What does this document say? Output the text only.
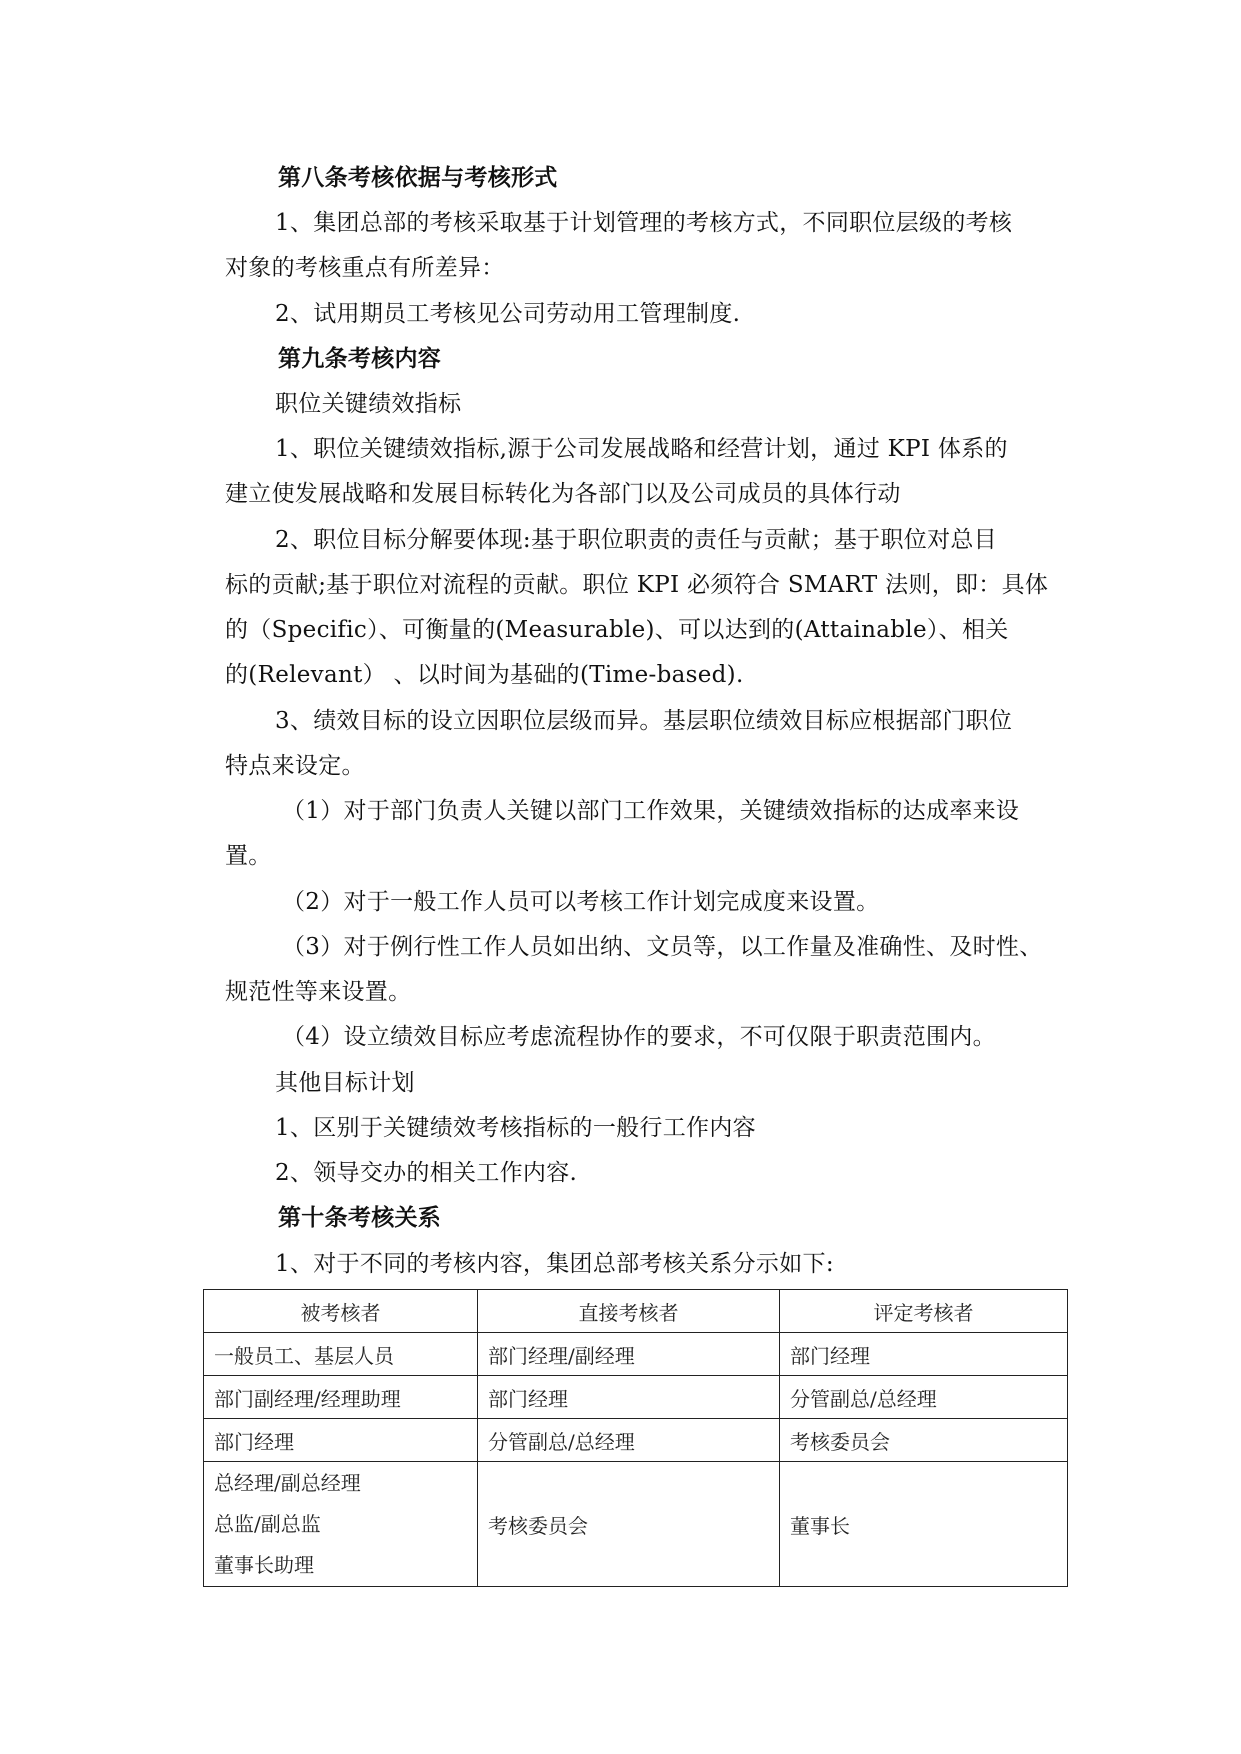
第八条考核依据与考核形式
1、集团总部的考核采取基于计划管理的考核方式，不同职位层级的考核
对象的考核重点有所差异：
2、试用期员工考核见公司劳动用工管理制度.
第九条考核内容
职位关键绩效指标
1、职位关键绩效指标,源于公司发展战略和经营计划，通过 KPI 体系的
建立使发展战略和发展目标转化为各部门以及公司成员的具体行动
2、职位目标分解要体现:基于职位职责的责任与贡献；基于职位对总目
标的贡献;基于职位对流程的贡献。职位 KPI 必须符合 SMART 法则，即：具体
的（Specific）、可衡量的(Measurable)、可以达到的(Attainable）、相关
的(Relevant） 、以时间为基础的(Time-based).
3、绩效目标的设立因职位层级而异。基层职位绩效目标应根据部门职位
特点来设定。
（1）对于部门负责人关键以部门工作效果，关键绩效指标的达成率来设
置。
（2）对于一般工作人员可以考核工作计划完成度来设置。
（3）对于例行性工作人员如出纳、文员等，以工作量及准确性、及时性、
规范性等来设置。
（4）设立绩效目标应考虑流程协作的要求，不可仅限于职责范围内。
其他目标计划
1、区别于关键绩效考核指标的一般行工作内容
2、领导交办的相关工作内容.
第十条考核关系
1、对于不同的考核内容，集团总部考核关系分示如下:
被考核者	直接考核者	评定考核者
一般员工、基层人员	部门经理/副经理	部门经理
部门副经理/经理助理	部门经理	分管副总/总经理
部门经理	分管副总/总经理	考核委员会

总经理/副总经理
总监/副总监
董事长助理	考核委员会	董事长
